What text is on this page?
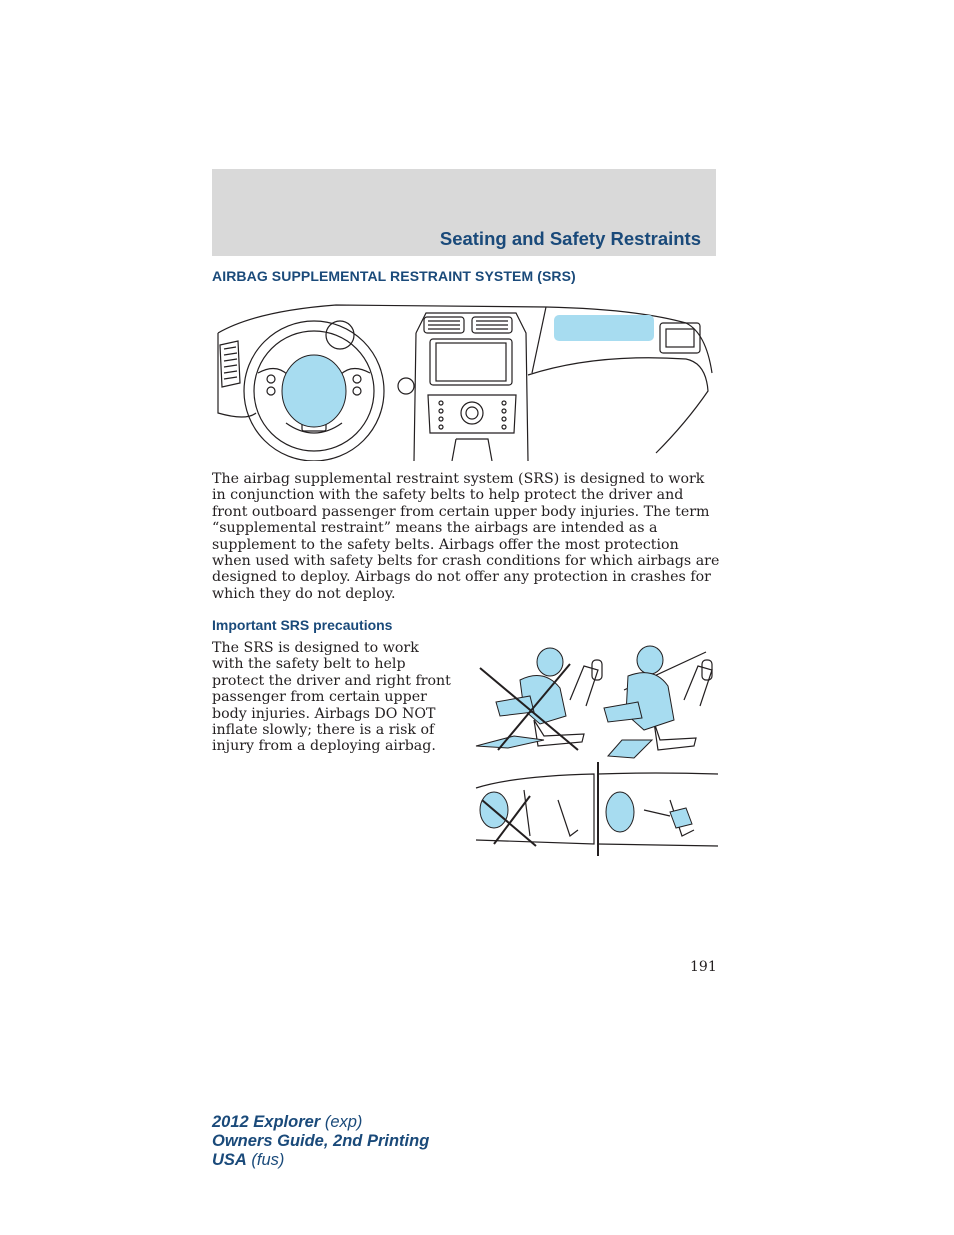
Seating and Safety Restraints
AIRBAG SUPPLEMENTAL RESTRAINT SYSTEM (SRS)

The airbag supplemental restraint system (SRS) is designed to work in conjunction with the safety belts to help protect the driver and front outboard passenger from certain upper body injuries. The term “supplemental restraint” means the airbags are intended as a supplement to the safety belts. Airbags offer the most protection when used with safety belts for crash conditions for which airbags are designed to deploy. Airbags do not offer any protection in crashes for which they do not deploy.

Important SRS precautions

The SRS is designed to work with the safety belt to help protect the driver and right front passenger from certain upper body injuries. Airbags DO NOT inflate slowly; there is a risk of injury from a deploying airbag.

191
2012 Explorer (exp)
Owners Guide, 2nd Printing
USA (fus)
